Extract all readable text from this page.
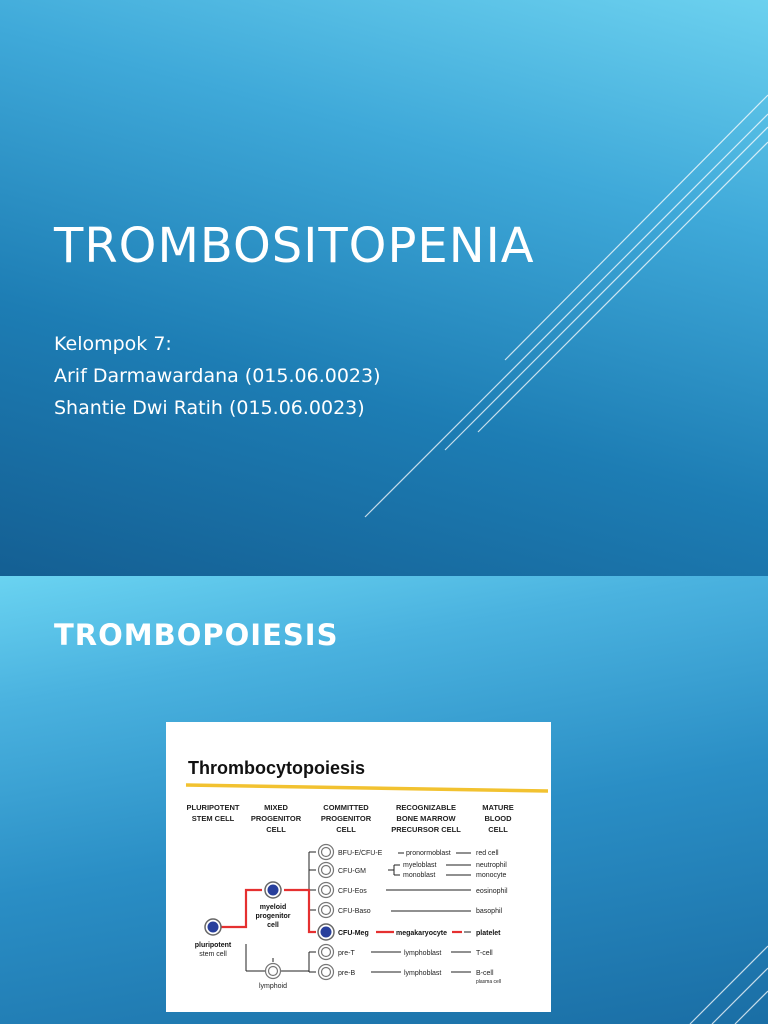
TROMBOSITOPENIA
Kelompok 7:
Arif Darmawardana (015.06.0023)
Shantie Dwi Ratih (015.06.0023)
TROMBOPOIESIS
Thrombocytopoiesis
PLURIPOTENT
STEM CELL
MIXED
PROGENITOR
CELL
COMMITTED
PROGENITOR
CELL
RECOGNIZABLE
BONE MARROW
PRECURSOR CELL
MATURE
BLOOD
CELL
pluripotent
stem cell
myeloid
progenitor
cell
lymphoid
BFU-E/CFU-E
CFU-GM
CFU-Eos
CFU-Baso
CFU-Meg
pre-T
pre-B
pronormoblast
myeloblast
monoblast
megakaryocyte
lymphoblast
lymphoblast
red cell
neutrophil
monocyte
eosinophil
basophil
platelet
T-cell
B-cell
plasma cell
